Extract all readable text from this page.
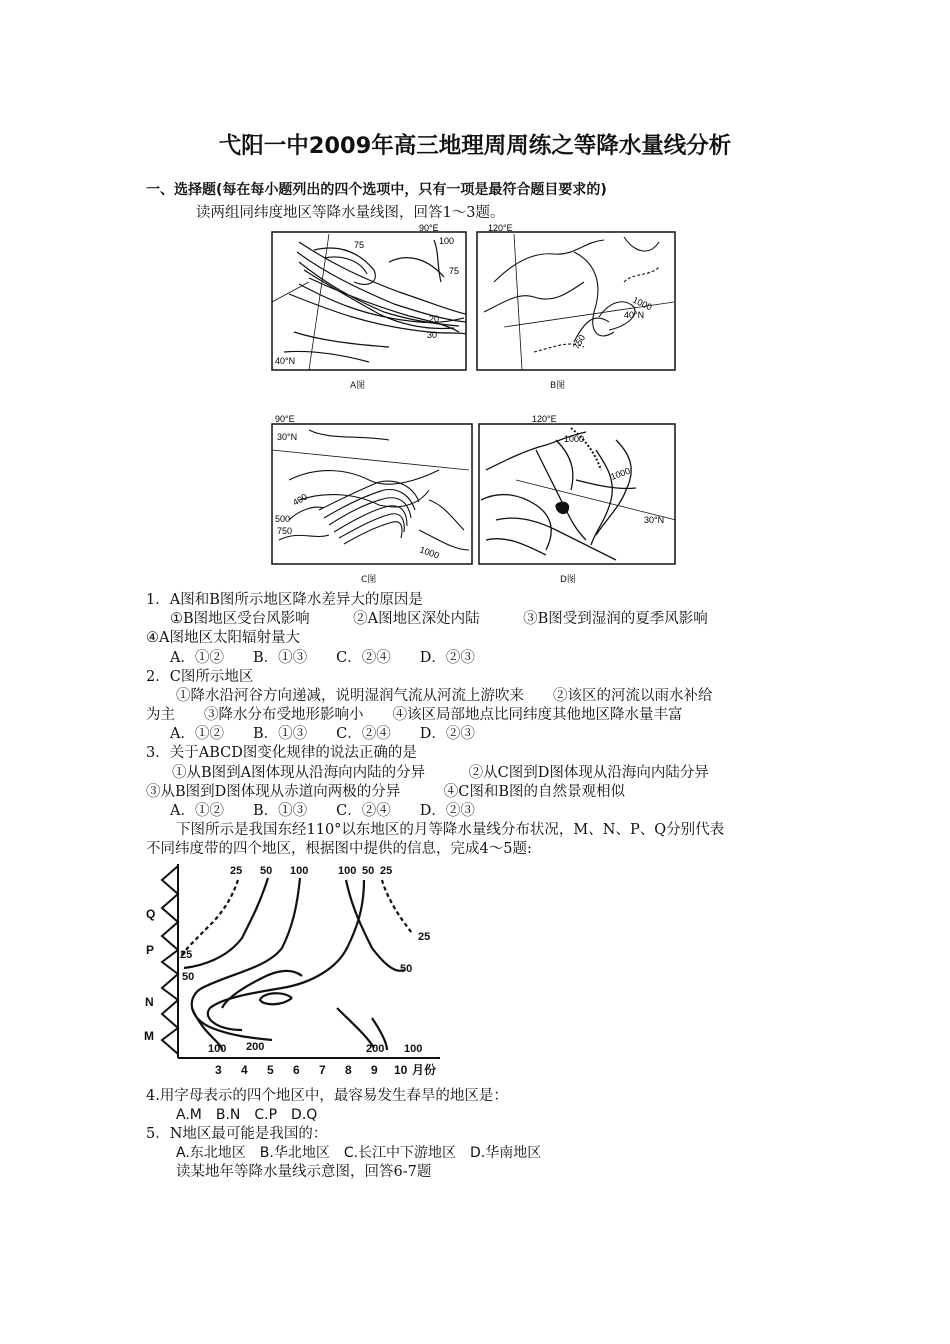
弋阳一中2009年高三地理周周练之等降水量线分析
一、选择题(每在每小题列出的四个选项中，只有一项是最符合题目要求的)
读两组同纬度地区等降水量线图，回答1～3题。
90°E
40°N
75	100
75
20
30
A图
120°E
40°N
1000
750
B图
90°E
30°N
400
500
750
1000
C图
120°E
30°N
1000
1000
D图
1．A图和B图所示地区降水差异大的原因是
①B图地区受台风影响　　　②A图地区深处内陆　　　③B图受到湿润的夏季风影响
④A图地区太阳辐射量大
A．①②　　B．①③　　C．②④　　D．②③
2．C图所示地区
①降水沿河谷方向递减，说明湿润气流从河流上游吹来　　②该区的河流以雨水补给
为主　　③降水分布受地形影响小　　④该区局部地点比同纬度其他地区降水量丰富
A．①②　　B．①③　　C．②④　　D．②③
3．关于ABCD图变化规律的说法正确的是
①从B图到A图体现从沿海向内陆的分异　　　②从C图到D图体现从沿海向内陆分异
③从B图到D图体现从赤道向两极的分异　　　④C图和B图的自然景观相似
A．①②　　B．①③　　C．②④　　D．②③
下图所示是我国东经110°以东地区的月等降水量线分布状况，M、N、P、Q分别代表
不同纬度带的四个地区，根据图中提供的信息，完成4～5题:
25 50 100	100 50 25
25
50
25
50
100 200	200 100
Q
P
N
M
3 4 5 6 7 8 9 10 月份
4.用字母表示的四个地区中，最容易发生春旱的地区是：
A.M　B.N　C.P　D.Q
5．N地区最可能是我国的：
A.东北地区　B.华北地区　C.长江中下游地区　D.华南地区
读某地年等降水量线示意图，回答6-7题
